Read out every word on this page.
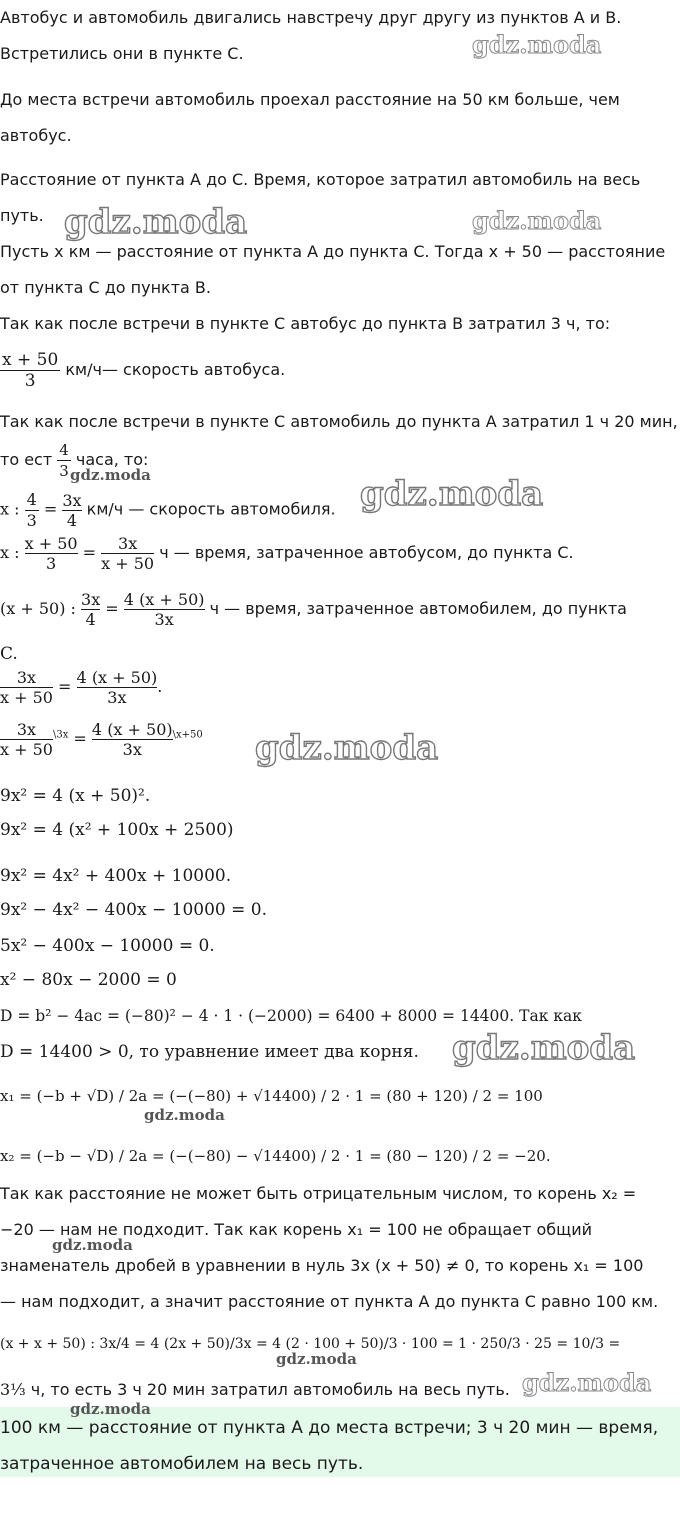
Автобус и автомобиль двигались навстречу друг другу из пунктов A и B.
Встретились они в пункте C.
До места встречи автомобиль проехал расстояние на 50 км больше, чем
автобус.
Расстояние от пункта A до C. Время, которое затратил автомобиль на весь
путь.
Пусть x км — расстояние от пункта A до пункта C. Тогда x + 50 — расстояние
от пункта C до пункта B.
Так как после встречи в пункте C автобус до пункта B затратил 3 ч, то:
$\frac{x + 50}{3}$ км/ч— скорость автобуса.
Так как после встречи в пункте C автомобиль до пункта A затратил 1 ч 20 мин,
то ест $\frac{4}{3}$ часа, то:
x : $\frac{4}{3} = \frac{3x}{4} км/ч$ — скорость автомобиля.
x : $\frac{x + 50}{3} = \frac{3x}{x + 50}$ ч — время, затраченное автобусом, до пункта C.
(x + 50) : $\frac{3x}{4} = \frac{4 (x + 50)}{3x}$ ч — время, затраченное автомобилем, до пункта
C.
$\frac{3x}{x + 50} = \frac{4 (x + 50)}{3x}$ .
$\frac{3x}{x + 50} ^{\backslash 3x} = \frac{4 (x + 50)}{3x} ^{\backslash x+50}$
9x² = 4 (x + 50)².
9x² = 4 (x² + 100x + 2500)
9x² = 4x² + 400x + 10000.
9x² − 4x² − 400x − 10000 = 0.
5x² − 400x − 10000 = 0.
x² − 80x − 2000 = 0
D = b² − 4ac = (−80)² − 4 · 1 · (−2000) = 6400 + 8000 = 14400. Так как
D = 14400 > 0, то уравнение имеет два корня.
x₁ = (−b + √D) / 2a = (−(−80) + √14400) / 2 · 1 = (80 + 120) / 2 = 100
x₂ = (−b − √D) / 2a = (−(−80) − √14400) / 2 · 1 = (80 − 120) / 2 = −20.
Так как расстояние не может быть отрицательным числом, то корень x₂ =
−20 — нам не подходит. Так как корень x₁ = 100 не обращает общий
знаменатель дробей в уравнении в нуль 3x (x + 50) ≠ 0, то корень x₁ = 100
— нам подходит, а значит расстояние от пункта A до пункта C равно 100 км.
(x + x + 50) : 3x/4 = 4 (2x + 50)/3x = 4 (2 · 100 + 50)/3 · 100 = 1 · 250/3 · 25 = 10/3 =
3⅓ ч, то есть 3 ч 20 мин затратил автомобиль на весь путь.
100 км — расстояние от пункта A до места встречи; 3 ч 20 мин — время,
затраченное автомобилем на весь путь.
gdz.moda
gdz.moda	gdz.moda
gdz.moda	gdz.moda
gdz.moda
gdz.moda
gdz.moda
gdz.moda
gdz.moda
gdz.moda
gdz.moda
